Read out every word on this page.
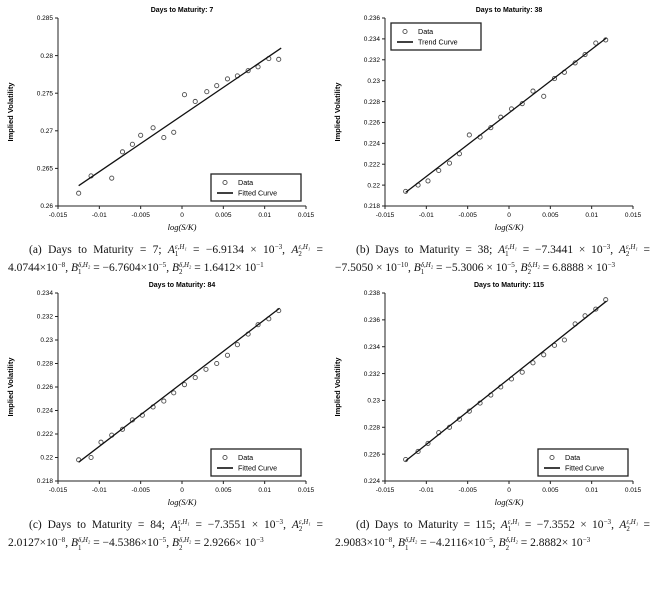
0.26
0.265
0.27
0.275
0.28
0.285
-0.015	-0.01	-0.005	0	0.005	0.01	0.015
Days to Maturity: 7
Implied Volatility
log(S/K)
Data
Fitted Curve
(a) Days to Maturity = 7; A ε,H₁
$1 = -6.9134 \times 10^{-3}$, A ε,H₁
$2 = 4.0744\times 10^{-8}$, B δ,H₂
$1 = -6.7604\times 10^{-5}$, B δ,H₂
$2 = 1.6412\times 10^{-1}$
0.218
0.22
0.222
0.224
0.226
0.228
0.23
0.232
0.234
0.236
-0.015	-0.01	-0.005	0	0.005	0.01	0.015
Days to Maturity: 38
Implied Volatility
log(S/K)
Data
Trend Curve
(b) Days to Maturity = 38; A ε,H₁
$1 = -7.3441 \times 10^{-3}$, A ε,H₁
$2 = -7.5050 \times 10^{-10}$, B δ,H₂
$1 = -5.3006 \times 10^{-5}$, B δ,H₂
$2 = 6.8888 \times 10^{-3}$
0.218
0.22
0.222
0.224
0.226
0.228
0.23
0.232
0.234
-0.015	-0.01	-0.005	0	0.005	0.01	0.015
Days to Maturity: 84
Implied Volatility
log(S/K)
Data
Fitted Curve
(c) Days to Maturity = 84; A ε,H₁
$1 = -7.3551 \times 10^{-3}$, A ε,H₁
$2 = 2.0127\times 10^{-8}$, B δ,H₂
$1 = -4.5386\times 10^{-5}$, B δ,H₂
$2 = 2.9266\times 10^{-3}$
0.224
0.226
0.228
0.23
0.232
0.234
0.236
0.238
-0.015	-0.01	-0.005	0	0.005	0.01	0.015
Days to Maturity: 115
Implied Volatility
log(S/K)
Data
Fitted Curve
(d) Days to Maturity = 115; A ε,H₁
$1 = -7.3552 \times 10^{-3}$, A ε,H₁
$2 = 2.9083\times 10^{-8}$, B δ,H₂
$1 = -4.2116\times 10^{-5}$, B δ,H₂
$2 = 2.8882\times 10^{-3}$
